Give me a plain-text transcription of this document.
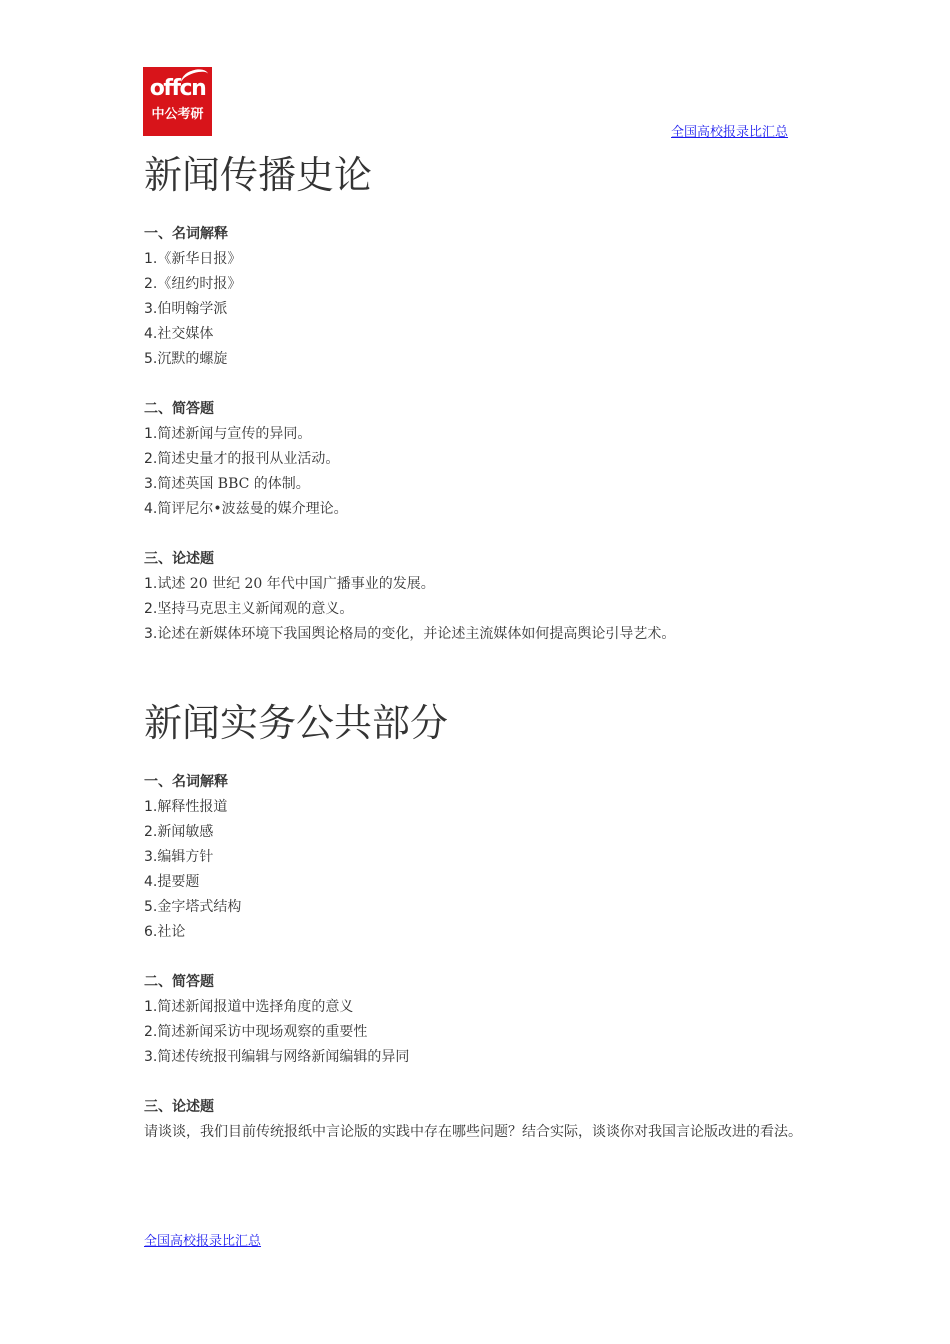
offcn
中公考研
全国高校报录比汇总
新闻传播史论

一、名词解释

1.《新华日报》

2.《纽约时报》

3.伯明翰学派

4.社交媒体

5.沉默的螺旋

二、简答题

1.简述新闻与宣传的异同。

2.简述史量才的报刊从业活动。

3.简述英国 BBC 的体制。

4.简评尼尔•波兹曼的媒介理论。

三、论述题

1.试述 20 世纪 20 年代中国广播事业的发展。

2.坚持马克思主义新闻观的意义。

3.论述在新媒体环境下我国舆论格局的变化，并论述主流媒体如何提高舆论引导艺术。

新闻实务公共部分

一、名词解释

1.解释性报道

2.新闻敏感

3.编辑方针

4.提要题

5.金字塔式结构

6.社论

二、简答题

1.简述新闻报道中选择角度的意义

2.简述新闻采访中现场观察的重要性

3.简述传统报刊编辑与网络新闻编辑的异同

三、论述题

请谈谈，我们目前传统报纸中言论版的实践中存在哪些问题？结合实际，谈谈你对我国言论版改进的看法。

全国高校报录比汇总
